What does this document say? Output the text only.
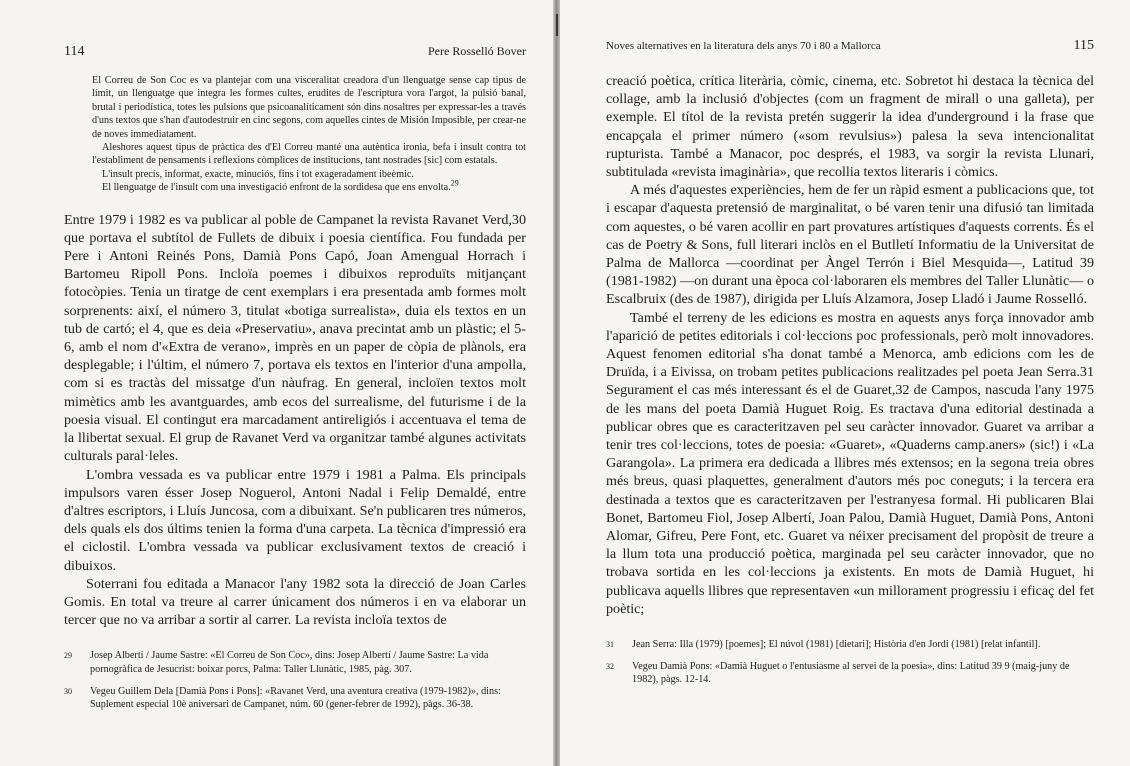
114	Pere Rosselló Bover

El Correu de Son Coc es va plantejar com una visceralitat creadora d'un llenguatge sense cap tipus de límit, un llenguatge que integra les formes cultes, erudites de l'escriptura vora l'argot, la pulsió banal, brutal i periodística, totes les pulsions que psicoanalíticament són dins nosaltres per expressar-les a través d'uns textos que s'han d'autodestruir en cinc segons, com aquelles cintes de Misión Imposible, per crear-ne de noves immediatament.

Aleshores aquest tipus de pràctica des d'El Correu manté una autèntica ironia, befa i insult contra tot l'establiment de pensaments i reflexions còmplices de institucions, tant nostrades [sic] com estatals.

L'insult precís, informat, exacte, minuciós, fins i tot exageradament ibeèmic.

El llenguatge de l'insult com una investigació enfront de la sordidesa que ens envolta.$^{29}$

Entre 1979 i 1982 es va publicar al poble de Campanet la revista Ravanet Verd,30 que portava el subtítol de Fullets de dibuix i poesia científica. Fou fundada per Pere i Antoni Reinés Pons, Damià Pons Capó, Joan Amengual Horrach i Bartomeu Ripoll Pons. Incloïa poemes i dibuixos reproduïts mitjançant fotocòpies. Tenia un tiratge de cent exemplars i era presentada amb formes molt sorprenents: així, el número 3, titulat «botiga surrealista», duia els textos en un tub de cartó; el 4, que es deia «Preservatiu», anava precintat amb un plàstic; el 5-6, amb el nom d'«Extra de verano», imprès en un paper de còpia de plànols, era desplegable; i l'últim, el número 7, portava els textos en l'interior d'una ampolla, com si es tractàs del missatge d'un nàufrag. En general, incloïen textos molt mimètics amb les avantguardes, amb ecos del surrealisme, del futurisme i de la poesia visual. El contingut era marcadament antireligiós i accentuava el tema de la llibertat sexual. El grup de Ravanet Verd va organitzar també algunes activitats culturals paral·leles.

L'ombra vessada es va publicar entre 1979 i 1981 a Palma. Els principals impulsors varen ésser Josep Noguerol, Antoni Nadal i Felip Demaldé, entre d'altres escriptors, i Lluís Juncosa, com a dibuixant. Se'n publicaren tres números, dels quals els dos últims tenien la forma d'una carpeta. La tècnica d'impressió era el ciclostil. L'ombra vessada va publicar exclusivament textos de creació i dibuixos.

Soterrani fou editada a Manacor l'any 1982 sota la direcció de Joan Carles Gomis. En total va treure al carrer únicament dos números i en va elaborar un tercer que no va arribar a sortir al carrer. La revista incloïa textos de

29	Josep Albertí / Jaume Sastre: «El Correu de Son Coc», dins: Josep Albertí / Jaume Sastre: La vida pornogràfica de Jesucrist: boixar porcs, Palma: Taller Llunàtic, 1985, pàg. 307.
30	Vegeu Guillem Dela [Damià Pons i Pons]: «Ravanet Verd, una aventura creativa (1979-1982)», dins: Suplement especial 10è aniversari de Campanet, núm. 60 (gener-febrer de 1992), pàgs. 36-38.
Noves alternatives en la literatura dels anys 70 i 80 a Mallorca	115

creació poètica, crítica literària, còmic, cinema, etc. Sobretot hi destaca la tècnica del collage, amb la inclusió d'objectes (com un fragment de mirall o una galleta), per exemple. El títol de la revista pretén suggerir la idea d'underground i la frase que encapçala el primer número («som revulsius») palesa la seva intencionalitat rupturista. També a Manacor, poc després, el 1983, va sorgir la revista Llunari, subtitulada «revista imaginària», que recollia textos literaris i còmics.

A més d'aquestes experiències, hem de fer un ràpid esment a publicacions que, tot i escapar d'aquesta pretensió de marginalitat, o bé varen tenir una difusió tan limitada com aquestes, o bé varen acollir en part provatures artístiques d'aquests corrents. És el cas de Poetry & Sons, full literari inclòs en el Butlletí Informatiu de la Universitat de Palma de Mallorca —coordinat per Àngel Terrón i Biel Mesquida—, Latitud 39 (1981-1982) —on durant una època col·laboraren els membres del Taller Llunàtic— o Escalbruix (des de 1987), dirigida per Lluís Alzamora, Josep Lladó i Jaume Rosselló.

També el terreny de les edicions es mostra en aquests anys força innovador amb l'aparició de petites editorials i col·leccions poc professionals, però molt innovadores. Aquest fenomen editorial s'ha donat també a Menorca, amb edicions com les de Druïda, i a Eivissa, on trobam petites publicacions realitzades pel poeta Jean Serra.31 Segurament el cas més interessant és el de Guaret,32 de Campos, nascuda l'any 1975 de les mans del poeta Damià Huguet Roig. Es tractava d'una editorial destinada a publicar obres que es caracteritzaven pel seu caràcter innovador. Guaret va arribar a tenir tres col·leccions, totes de poesia: «Guaret», «Quaderns camp.aners» (sic!) i «La Garangola». La primera era dedicada a llibres més extensos; en la segona treia obres més breus, quasi plaquettes, generalment d'autors més poc coneguts; i la tercera era destinada a textos que es caracteritzaven per l'estranyesa formal. Hi publicaren Blai Bonet, Bartomeu Fiol, Josep Albertí, Joan Palou, Damià Huguet, Damià Pons, Antoni Alomar, Gifreu, Pere Font, etc. Guaret va néixer precisament del propòsit de treure a la llum tota una producció poètica, marginada pel seu caràcter innovador, que no trobava sortida en les col·leccions ja existents. En mots de Damià Huguet, hi publicava aquells llibres que representaven «un millorament progressiu i eficaç del fet poètic;

31	Jean Serra: Illa (1979) [poemes]; El núvol (1981) [dietari]; Història d'en Jordi (1981) [relat infantil].
32	Vegeu Damià Pons: «Damià Huguet o l'entusiasme al servei de la poesia», dins: Latitud 39 9 (maig-juny de 1982), pàgs. 12-14.
